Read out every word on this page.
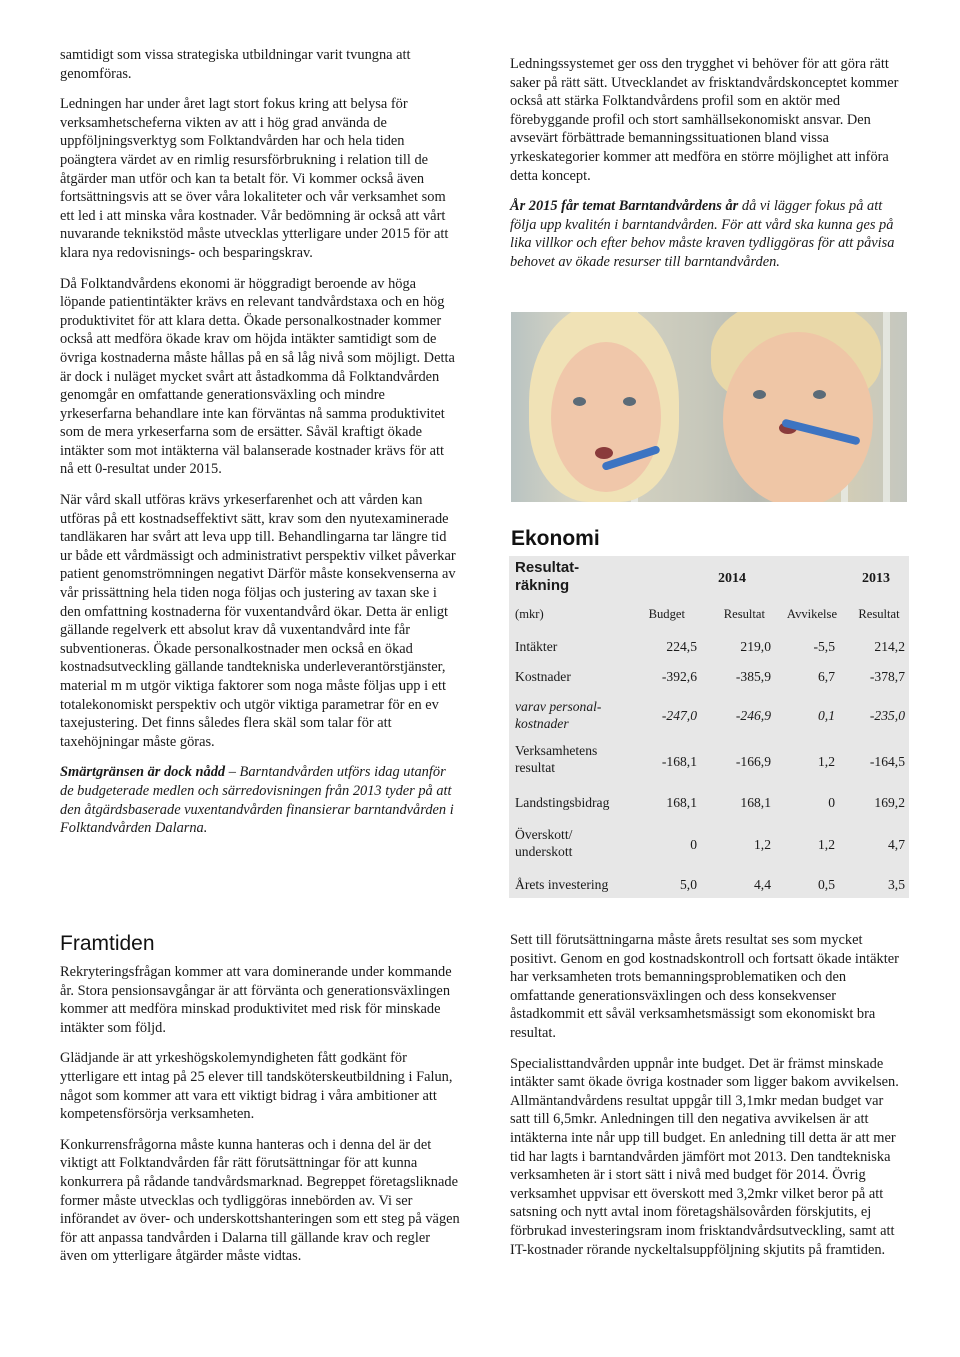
samtidigt som vissa strategiska utbildningar varit tvungna att genomföras.

Ledningen har under året lagt stort fokus kring att belysa för verksamhetscheferna vikten av att i hög grad använda de uppföljningsverktyg som Folktandvården har och hela tiden poängtera värdet av en rimlig resursförbrukning i relation till de åtgärder man utför och kan ta betalt för. Vi kommer också även fortsättningsvis att se över våra lokaliteter och vår verksamhet som ett led i att minska våra kostnader. Vår bedömning är också att vårt nuvarande teknikstöd måste utvecklas ytterligare under 2015 för att klara nya redovisnings- och besparingskrav.

Då Folktandvårdens ekonomi är höggradigt beroende av höga löpande patientintäkter krävs en relevant tandvårdstaxa och en hög produktivitet för att klara detta. Ökade personalkostnader kommer också att medföra ökade krav om höjda intäkter samtidigt som de övriga kostnaderna måste hållas på en så låg nivå som möjligt. Detta är dock i nuläget mycket svårt att åstadkomma då Folktandvården genomgår en omfattande generationsväxling och mindre yrkeserfarna behandlare inte kan förväntas nå samma produktivitet som de mera yrkeserfarna som de ersätter. Såväl kraftigt ökade intäkter som mot intäkterna väl balanserade kostnader krävs för att nå ett 0-resultat under 2015.

När vård skall utföras krävs yrkeserfarenhet och att vården kan utföras på ett kostnadseffektivt sätt, krav som den nyutexaminerade tandläkaren har svårt att leva upp till. Behandlingarna tar längre tid ur både ett vårdmässigt och administrativt perspektiv vilket påverkar patient genomströmningen negativt Därför måste konsekvenserna av vår prissättning hela tiden noga följas och justering av taxan ske i den omfattning kostnaderna för vuxentandvård ökar. Detta är enligt gällande regelverk ett absolut krav då vuxentandvård inte får subventioneras. Ökade personalkostnader men också en ökad kostnadsutveckling gällande tandtekniska underleverantörstjänster, material m m utgör viktiga faktorer som noga måste följas upp i ett totalekonomiskt perspektiv och utgör viktiga parametrar för en ev taxejustering. Det finns således flera skäl som talar för att taxehöjningar måste göras.

Smärtgränsen är dock nådd – Barntandvården utförs idag utanför de budgeterade medlen och särredovisningen från 2013 tyder på att den åtgärdsbaserade vuxentandvården finansierar barntandvården i Folktandvården Dalarna.

Framtiden

Rekryteringsfrågan kommer att vara dominerande under kommande år. Stora pensionsavgångar är att förvänta och generationsväxlingen kommer att medföra minskad produktivitet med risk för minskade intäkter som följd.

Glädjande är att yrkeshögskolemyndigheten fått godkänt för ytterligare ett intag på 25 elever till tandsköterskeutbildning i Falun, något som kommer att vara ett viktigt bidrag i våra ambitioner att kompetensförsörja verksamheten.

Konkurrensfrågorna måste kunna hanteras och i denna del är det viktigt att Folktandvården får rätt förutsättningar för att kunna konkurrera på rådande tandvårdsmarknad. Begreppet företagsliknade former måste utvecklas och tydliggöras innebörden av. Vi ser införandet av över- och underskottshanteringen som ett steg på vägen för att anpassa tandvården i Dalarna till gällande krav och regler även om ytterligare åtgärder måste vidtas.

Ledningssystemet ger oss den trygghet vi behöver för att göra rätt saker på rätt sätt. Utvecklandet av frisktandvårdskonceptet kommer också att stärka Folktandvårdens profil som en aktör med förebyggande profil och stort samhällsekonomiskt ansvar. Den avsevärt förbättrade bemanningssituationen bland vissa yrkeskategorier kommer att medföra en större möjlighet att införa detta koncept.

År 2015 får temat Barntandvårdens år då vi lägger fokus på att följa upp kvalitén i barntandvården. För att vård ska kunna ges på lika villkor och efter behov måste kraven tydliggöras för att påvisa behovet av ökade resurser till barntandvården.

Ekonomi
Resultat-
räkning	2014	2013
(mkr)	Budget	Resultat	Avvikelse	Resultat
Intäkter	224,5	219,0	-5,5	214,2
Kostnader	-392,6	-385,9	6,7	-378,7
varav personal-
kostnader
-247,0	-246,9	0,1	-235,0
Verksamhetens
resultat	-168,1	-166,9	1,2	-164,5
Landstingsbidrag	168,1	168,1	0	169,2
Överskott/
underskott	0	1,2	1,2	4,7
Årets investering	5,0	4,4	0,5	3,5

Sett till förutsättningarna måste årets resultat ses som mycket positivt. Genom en god kostnadskontroll och fortsatt ökade intäkter har verksamheten trots bemanningsproblematiken och den omfattande generationsväxlingen och dess konsekvenser åstadkommit ett såväl verksamhetsmässigt som ekonomiskt bra resultat.

Specialisttandvården uppnår inte budget. Det är främst minskade intäkter samt ökade övriga kostnader som ligger bakom avvikelsen. Allmäntandvårdens resultat uppgår till 3,1mkr medan budget var satt till 6,5mkr. Anledningen till den negativa avvikelsen är att intäkterna inte når upp till budget. En anledning till detta är att mer tid har lagts i barntandvården jämfört mot 2013. Den tandtekniska verksamheten är i stort sätt i nivå med budget för 2014. Övrig verksamhet uppvisar ett överskott med 3,2mkr vilket beror på att satsning och nytt avtal inom företagshälsovården förskjutits, ej förbrukad investeringsram inom frisktandvårdsutveckling, samt att IT-kostnader rörande nyckeltalsuppföljning skjutits på framtiden.
